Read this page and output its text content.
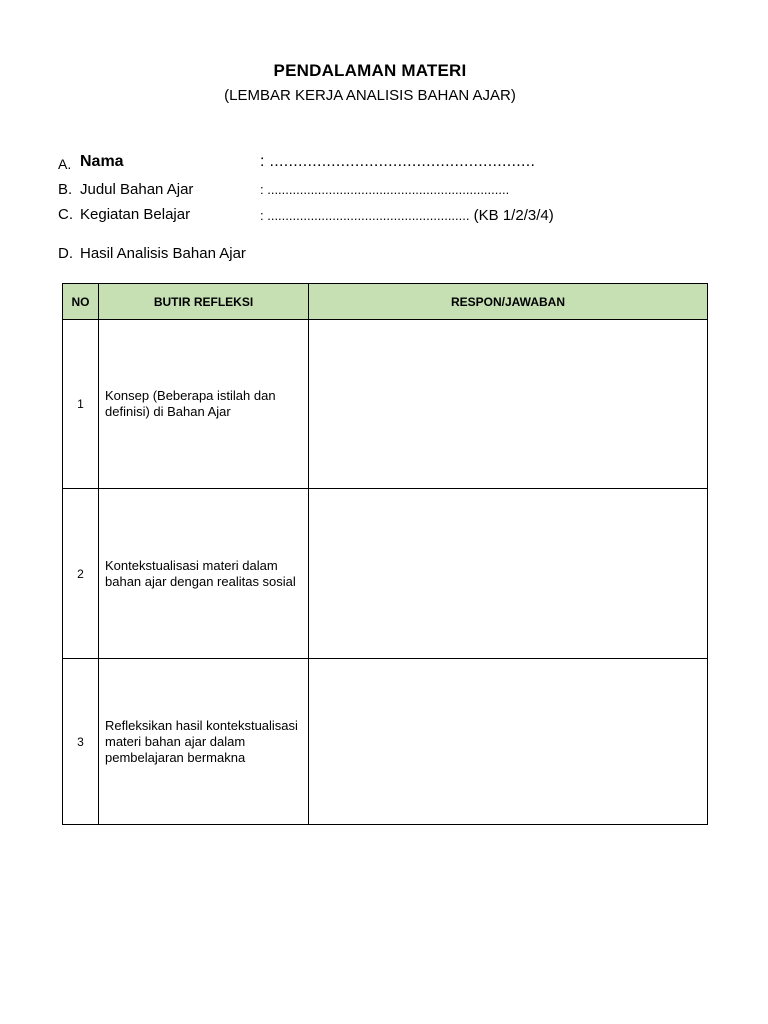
PENDALAMAN MATERI
(LEMBAR KERJA ANALISIS BAHAN AJAR)
A. Nama	: ........................................................
B. Judul Bahan Ajar	: ...................................................................
C. Kegiatan Belajar	: ........................................................ (KB 1/2/3/4)
D. Hasil Analisis Bahan Ajar
NO	BUTIR REFLEKSI	RESPON/JAWABAN
1	Konsep (Beberapa istilah dan definisi) di Bahan Ajar	
2	Kontekstualisasi materi dalam bahan ajar dengan realitas sosial	
3	Refleksikan hasil kontekstualisasi materi bahan ajar dalam pembelajaran bermakna	
